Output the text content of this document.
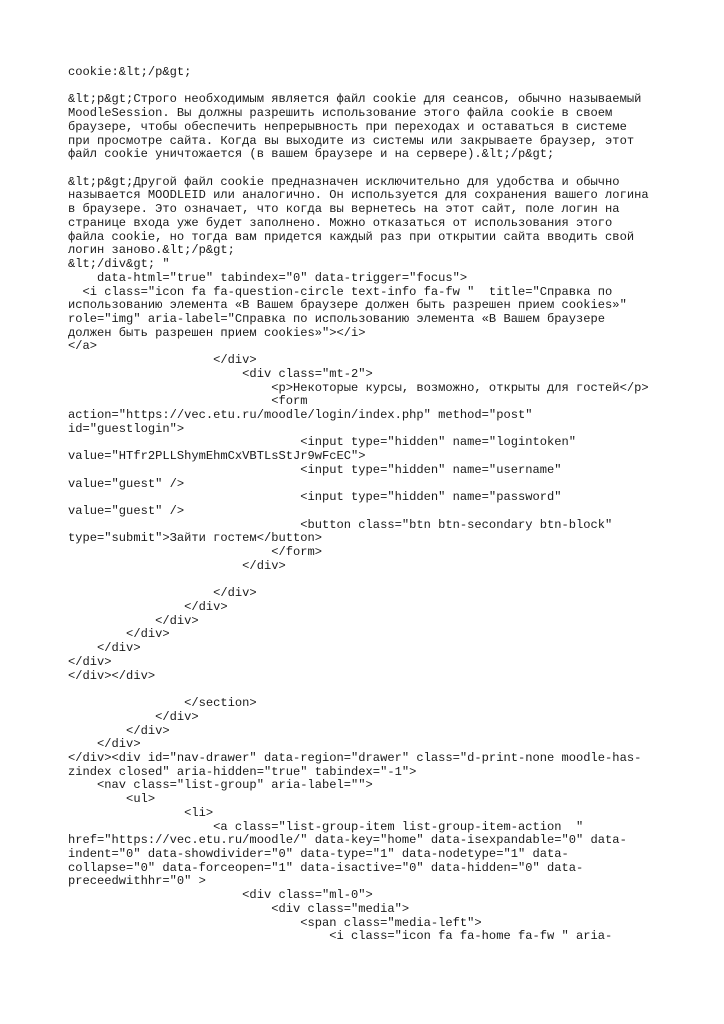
cookie:&lt;/p&gt;
&lt;p&gt;Строго необходимым является файл cookie для сеансов, обычно называемый
MoodleSession. Вы должны разрешить использование этого файла cookie в своем
браузере, чтобы обеспечить непрерывность при переходах и оставаться в системе
при просмотре сайта. Когда вы выходите из системы или закрываете браузер, этот
файл cookie уничтожается (в вашем браузере и на сервере).&lt;/p&gt;
&lt;p&gt;Другой файл cookie предназначен исключительно для удобства и обычно
называется MOODLEID или аналогично. Он используется для сохранения вашего логина
в браузере. Это означает, что когда вы вернетесь на этот сайт, поле логин на
странице входа уже будет заполнено. Можно отказаться от использования этого
файла cookie, но тогда вам придется каждый раз при открытии сайта вводить свой
логин заново.&lt;/p&gt;
&lt;/div&gt; "
data-html="true" tabindex="0" data-trigger="focus">
<i class="icon fa fa-question-circle text-info fa-fw "  title="Справка по
использованию элемента «В Вашем браузере должен быть разрешен прием cookies»"
role="img" aria-label="Справка по использованию элемента «В Вашем браузере
должен быть разрешен прием cookies»"></i>
</a>
</div>
<div class="mt-2">
<p>Некоторые курсы, возможно, открыты для гостей</p>
<form
action="https://vec.etu.ru/moodle/login/index.php" method="post"
id="guestlogin">
<input type="hidden" name="logintoken"
value="HTfr2PLLShymEhmCxVBTLsStJr9wFcEC">
<input type="hidden" name="username"
value="guest" />
<input type="hidden" name="password"
value="guest" />
<button class="btn btn-secondary btn-block"
type="submit">Зайти гостем</button>
</form>
</div>
</div>
</div>
</div>
</div>
</div>
</div>
</div></div>
</section>
</div>
</div>
</div>
</div><div id="nav-drawer" data-region="drawer" class="d-print-none moodle-has-
zindex closed" aria-hidden="true" tabindex="-1">
<nav class="list-group" aria-label="">
<ul>
<li>
<a class="list-group-item list-group-item-action  "
href="https://vec.etu.ru/moodle/" data-key="home" data-isexpandable="0" data-
indent="0" data-showdivider="0" data-type="1" data-nodetype="1" data-
collapse="0" data-forceopen="1" data-isactive="0" data-hidden="0" data-
preceedwithhr="0" >
<div class="ml-0">
<div class="media">
<span class="media-left">
<i class="icon fa fa-home fa-fw " aria-
